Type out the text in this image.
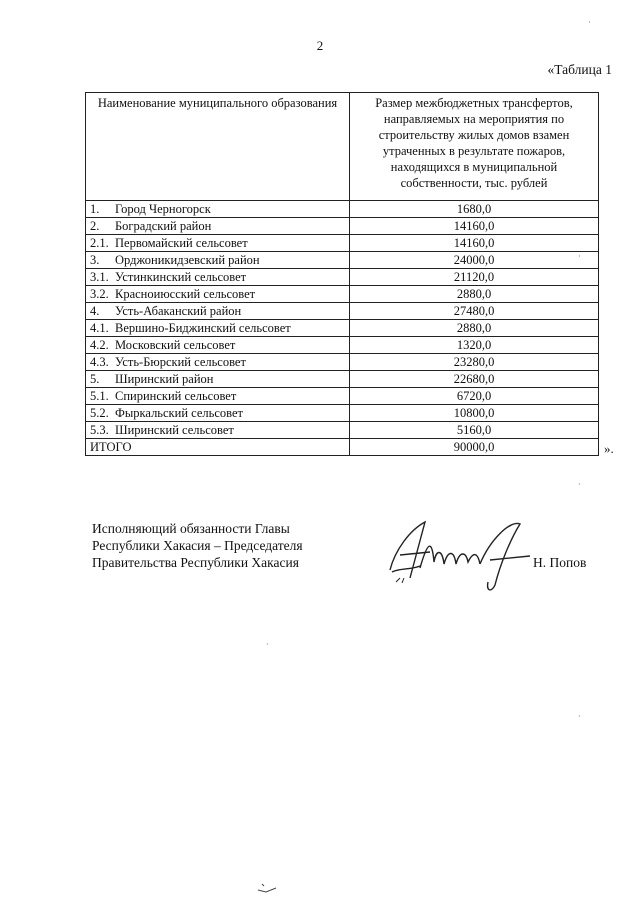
2
«Таблица 1
Наименование муниципального образования	Размер межбюджетных трансфертов, направляемых на мероприятия по строительству жилых домов взамен утраченных в результате пожаров, находящихся в муниципальной собственности, тыс. рублей
1. Город Черногорск	1680,0
2. Боградский район	14160,0
2.1. Первомайский сельсовет	14160,0
3. Орджоникидзевский район	24000,0
3.1. Устинкинский сельсовет	21120,0
3.2. Красноиюсский сельсовет	2880,0
4. Усть-Абаканский район	27480,0
4.1. Вершино-Биджинский сельсовет	2880,0
4.2. Московский сельсовет	1320,0
4.3. Усть-Бюрский сельсовет	23280,0
5. Ширинский район	22680,0
5.1. Спиринский сельсовет	6720,0
5.2. Фыркальский сельсовет	10800,0
5.3. Ширинский сельсовет	5160,0
ИТОГО	90000,0	».
Исполняющий обязанности Главы
Республики Хакасия – Председателя
Правительства Республики Хакасия	Н. Попов
·
·
·
·
·
